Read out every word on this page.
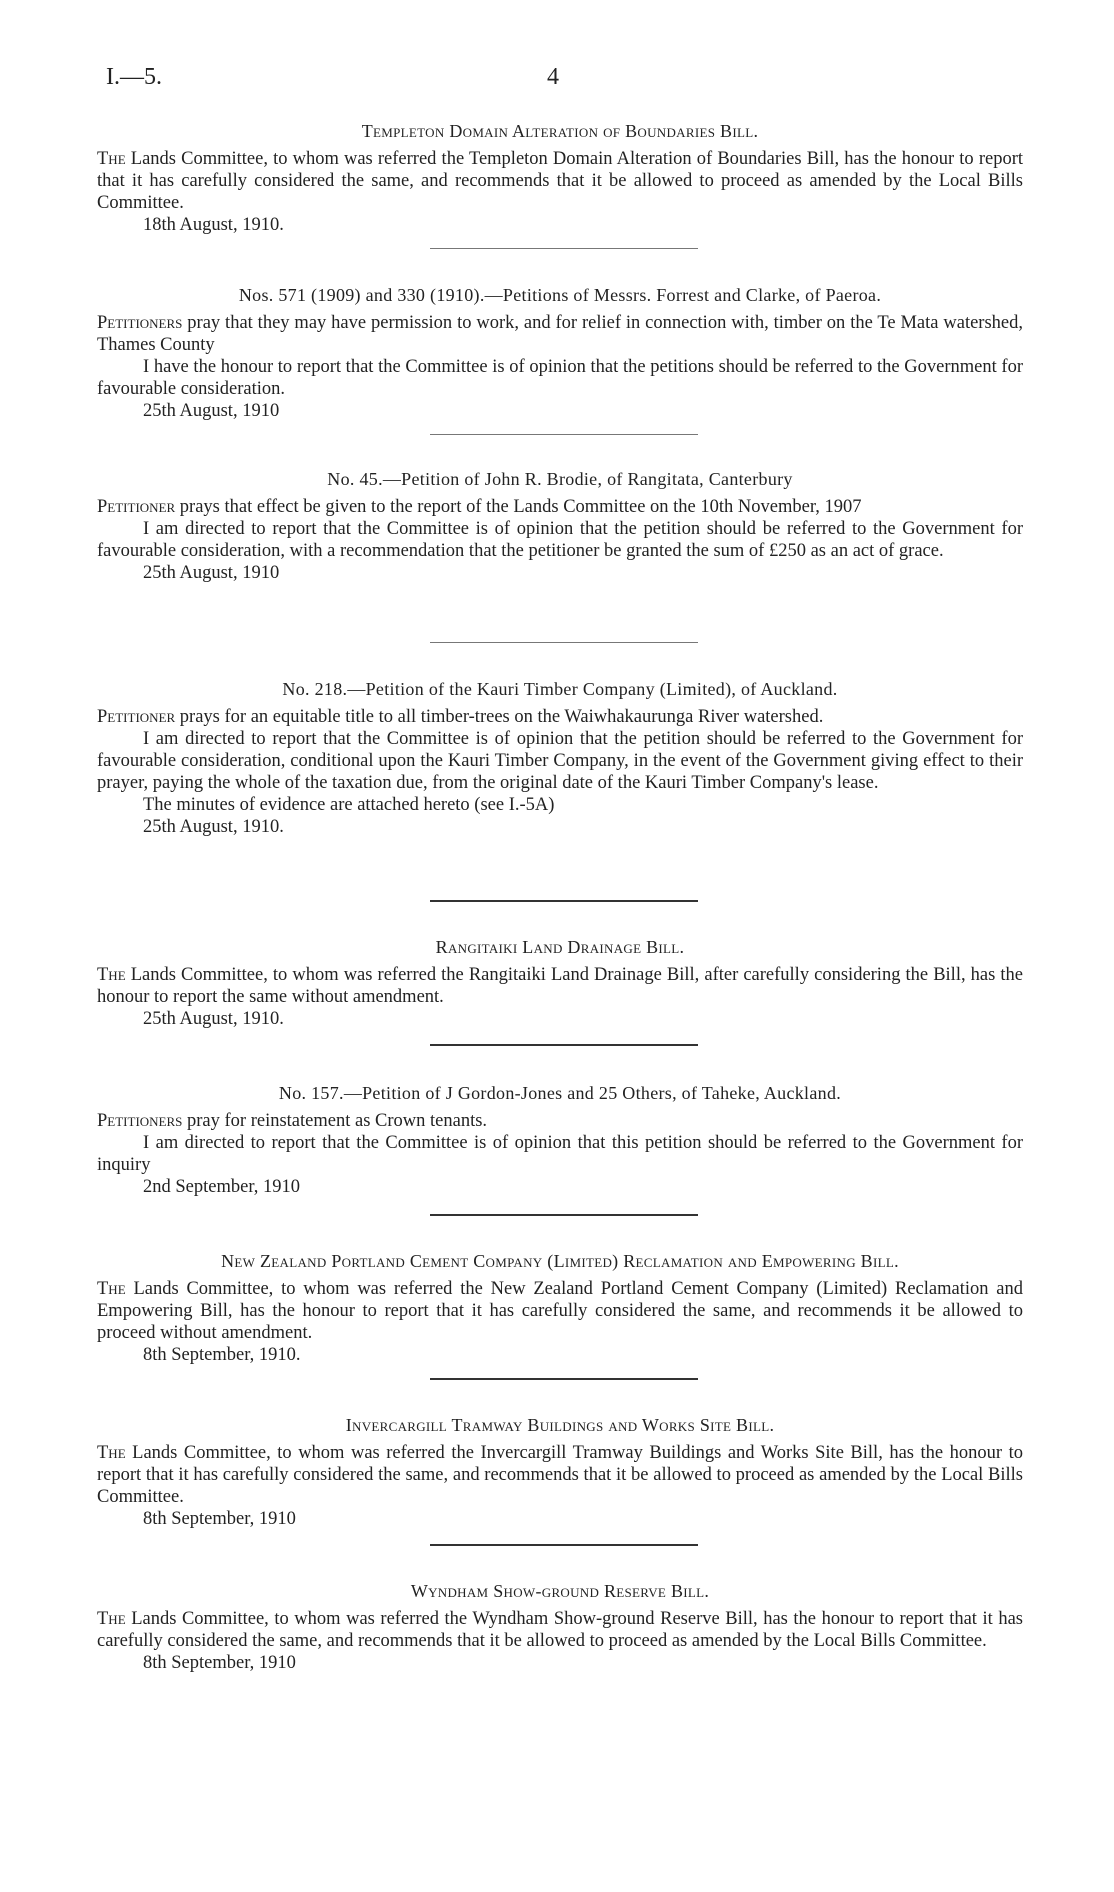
I.—5.	4

Templeton Domain Alteration of Boundaries Bill.

The Lands Committee, to whom was referred the Templeton Domain Alteration of Boundaries Bill, has the honour to report that it has carefully considered the same, and recommends that it be allowed to proceed as amended by the Local Bills Committee.

18th August, 1910.

Nos. 571 (1909) and 330 (1910).—Petitions of Messrs. Forrest and Clarke, of Paeroa.

Petitioners pray that they may have permission to work, and for relief in connection with, timber on the Te Mata watershed, Thames County

I have the honour to report that the Committee is of opinion that the petitions should be referred to the Government for favourable consideration.

25th August, 1910

No. 45.—Petition of John R. Brodie, of Rangitata, Canterbury

Petitioner prays that effect be given to the report of the Lands Committee on the 10th November, 1907

I am directed to report that the Committee is of opinion that the petition should be referred to the Government for favourable consideration, with a recommendation that the petitioner be granted the sum of £250 as an act of grace.

25th August, 1910

No. 218.—Petition of the Kauri Timber Company (Limited), of Auckland.

Petitioner prays for an equitable title to all timber-trees on the Waiwhakaurunga River watershed.

I am directed to report that the Committee is of opinion that the petition should be referred to the Government for favourable consideration, conditional upon the Kauri Timber Company, in the event of the Government giving effect to their prayer, paying the whole of the taxation due, from the original date of the Kauri Timber Company's lease.

The minutes of evidence are attached hereto (see I.-5A)

25th August, 1910.

Rangitaiki Land Drainage Bill.

The Lands Committee, to whom was referred the Rangitaiki Land Drainage Bill, after carefully considering the Bill, has the honour to report the same without amendment.

25th August, 1910.

No. 157.—Petition of J Gordon-Jones and 25 Others, of Taheke, Auckland.

Petitioners pray for reinstatement as Crown tenants.

I am directed to report that the Committee is of opinion that this petition should be referred to the Government for inquiry

2nd September, 1910

New Zealand Portland Cement Company (Limited) Reclamation and Empowering Bill.

The Lands Committee, to whom was referred the New Zealand Portland Cement Company (Limited) Reclamation and Empowering Bill, has the honour to report that it has carefully considered the same, and recommends it be allowed to proceed without amendment.

8th September, 1910.

Invercargill Tramway Buildings and Works Site Bill.

The Lands Committee, to whom was referred the Invercargill Tramway Buildings and Works Site Bill, has the honour to report that it has carefully considered the same, and recommends that it be allowed to proceed as amended by the Local Bills Committee.

8th September, 1910

Wyndham Show-ground Reserve Bill.

The Lands Committee, to whom was referred the Wyndham Show-ground Reserve Bill, has the honour to report that it has carefully considered the same, and recommends that it be allowed to proceed as amended by the Local Bills Committee.

8th September, 1910
